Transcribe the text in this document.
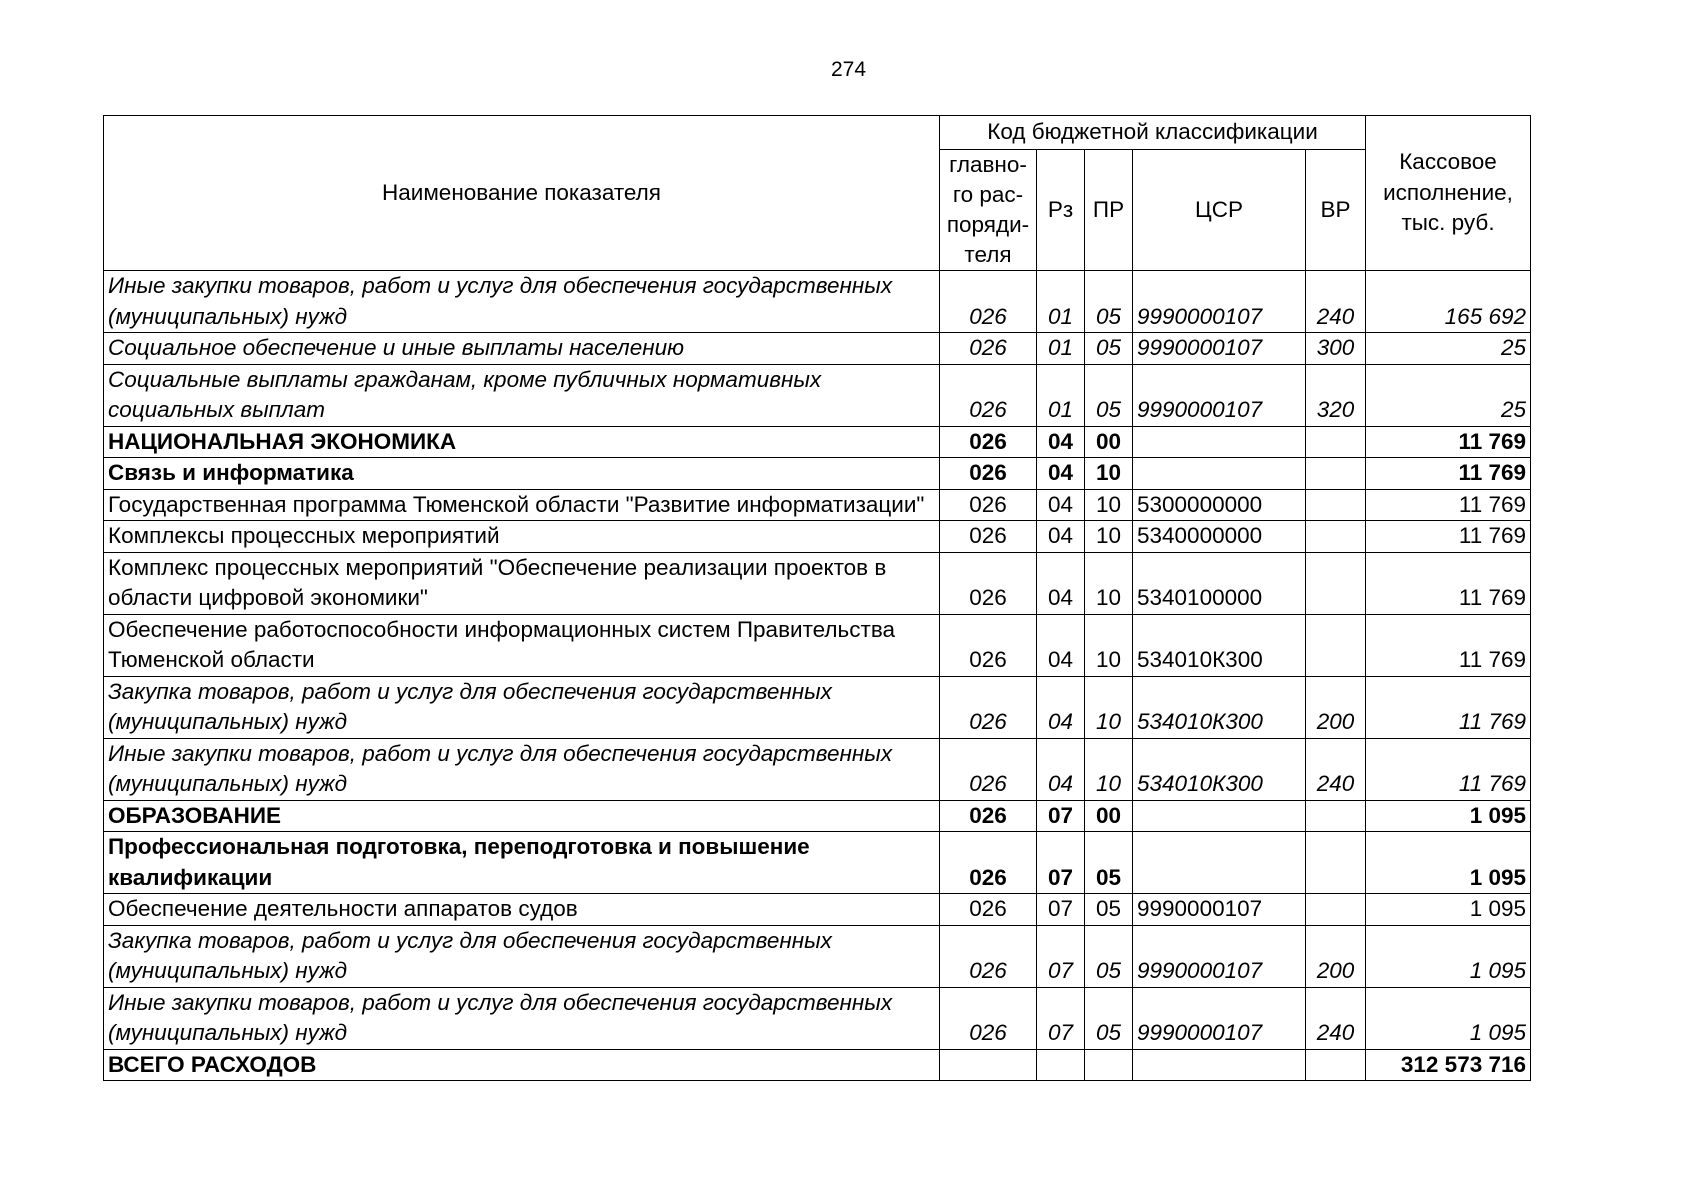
274
Наименование показателя	Код бюджетной классификации					Кассовое исполнение, тыс. руб.
	главно-го рас-поряди-теля	Рз	ПР	ЦСР	ВР	
Иные закупки товаров, работ и услуг для обеспечения государственных (муниципальных) нужд	026	01	05	9990000107	240	165 692
Социальное обеспечение и иные выплаты населению	026	01	05	9990000107	300	25
Социальные выплаты гражданам, кроме публичных нормативных социальных выплат	026	01	05	9990000107	320	25
НАЦИОНАЛЬНАЯ ЭКОНОМИКА	026	04	00			11 769
Связь и информатика	026	04	10			11 769
Государственная программа Тюменской области "Развитие информатизации"	026	04	10	5300000000		11 769
Комплексы процессных мероприятий	026	04	10	5340000000		11 769
Комплекс процессных мероприятий "Обеспечение реализации проектов в области цифровой экономики"	026	04	10	5340100000		11 769
Обеспечение работоспособности информационных систем Правительства Тюменской области	026	04	10	534010К300		11 769
Закупка товаров, работ и услуг для обеспечения государственных (муниципальных) нужд	026	04	10	534010К300	200	11 769
Иные закупки товаров, работ и услуг для обеспечения государственных (муниципальных) нужд	026	04	10	534010К300	240	11 769
ОБРАЗОВАНИЕ	026	07	00			1 095
Профессиональная подготовка, переподготовка и повышение квалификации	026	07	05			1 095
Обеспечение деятельности аппаратов судов	026	07	05	9990000107		1 095
Закупка товаров, работ и услуг для обеспечения государственных (муниципальных) нужд	026	07	05	9990000107	200	1 095
Иные закупки товаров, работ и услуг для обеспечения государственных (муниципальных) нужд	026	07	05	9990000107	240	1 095
ВСЕГО РАСХОДОВ						312 573 716
